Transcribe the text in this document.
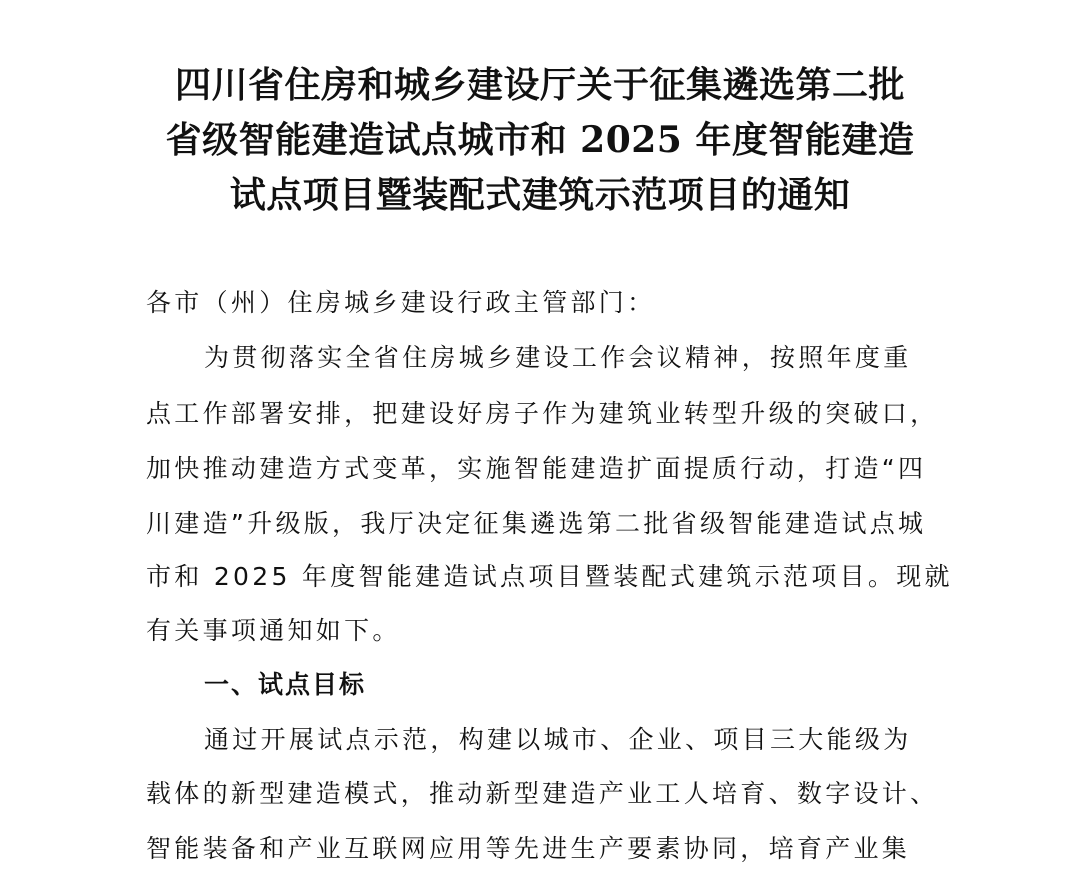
四川省住房和城乡建设厅关于征集遴选第二批
省级智能建造试点城市和 2025 年度智能建造
试点项目暨装配式建筑示范项目的通知
各市（州）住房城乡建设行政主管部门：
为贯彻落实全省住房城乡建设工作会议精神，按照年度重
点工作部署安排，把建设好房子作为建筑业转型升级的突破口，
加快推动建造方式变革，实施智能建造扩面提质行动，打造“四
川建造”升级版，我厅决定征集遴选第二批省级智能建造试点城
市和 2025 年度智能建造试点项目暨装配式建筑示范项目。现就
有关事项通知如下。
一、试点目标
通过开展试点示范，构建以城市、企业、项目三大能级为
载体的新型建造模式，推动新型建造产业工人培育、数字设计、
智能装备和产业互联网应用等先进生产要素协同，培育产业集
